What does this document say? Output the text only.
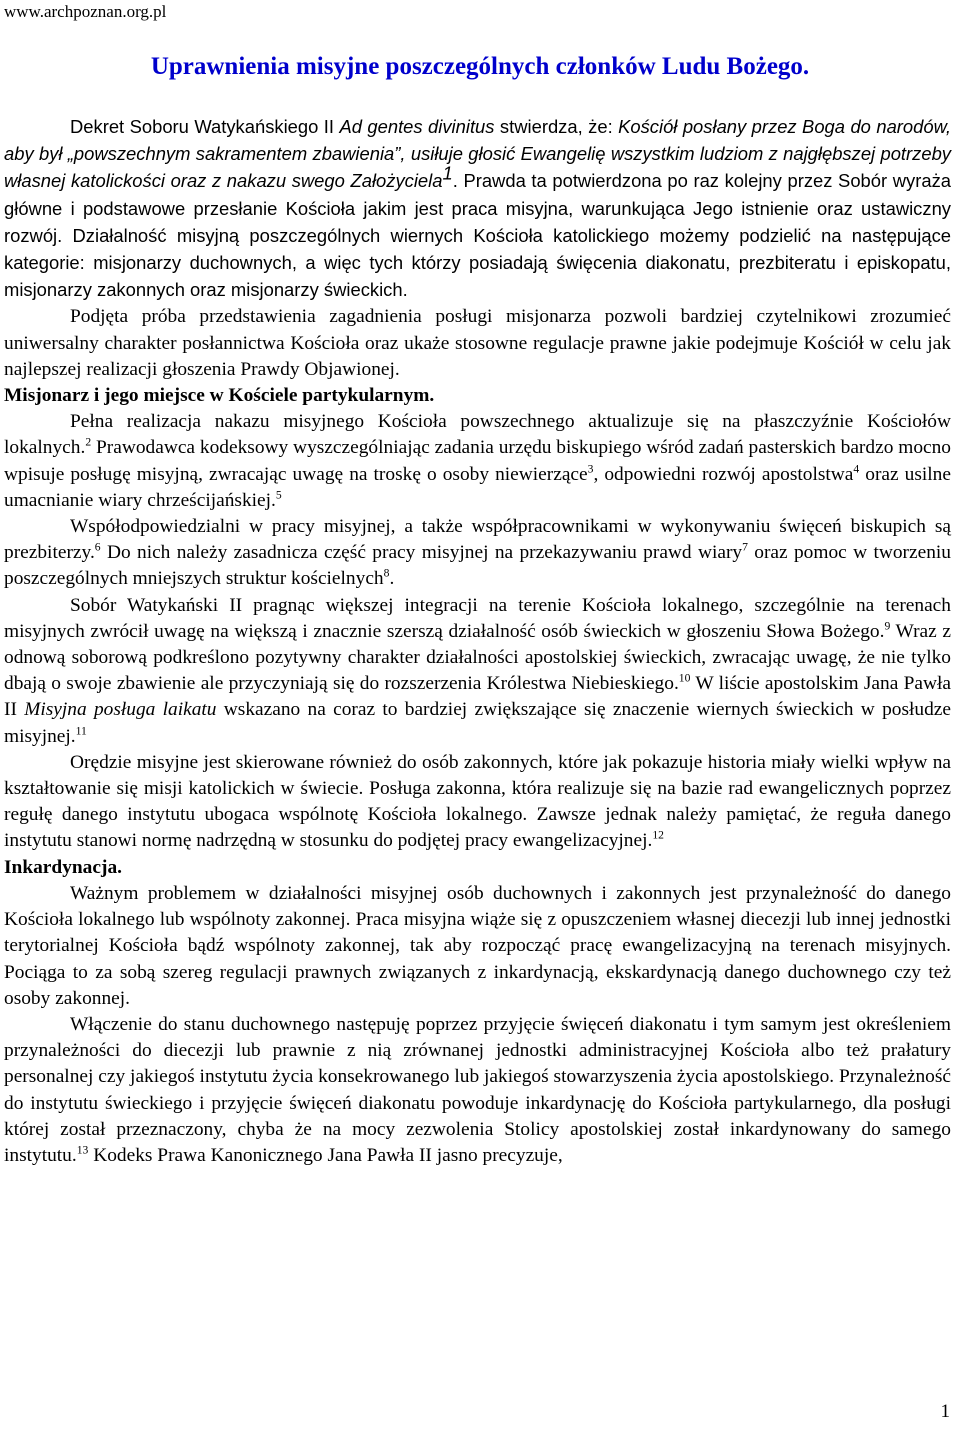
www.archpoznan.org.pl
Uprawnienia misyjne poszczególnych członków Ludu Bożego.

Dekret Soboru Watykańskiego II Ad gentes divinitus stwierdza, że: Kościół posłany przez Boga do narodów, aby był „powszechnym sakramentem zbawienia”, usiłuje głosić Ewangelię wszystkim ludziom z najgłębszej potrzeby własnej katolickości oraz z nakazu swego Założyciela$^1$. Prawda ta potwierdzona po raz kolejny przez Sobór wyraża główne i podstawowe przesłanie Kościoła jakim jest praca misyjna, warunkująca Jego istnienie oraz ustawiczny rozwój. Działalność misyjną poszczególnych wiernych Kościoła katolickiego możemy podzielić na następujące kategorie: misjonarzy duchownych, a więc tych którzy posiadają święcenia diakonatu, prezbiteratu i episkopatu, misjonarzy zakonnych oraz misjonarzy świeckich.

Podjęta próba przedstawienia zagadnienia posługi misjonarza pozwoli bardziej czytelnikowi zrozumieć uniwersalny charakter posłannictwa Kościoła oraz ukaże stosowne regulacje prawne jakie podejmuje Kościół w celu jak najlepszej realizacji głoszenia Prawdy Objawionej.

Misjonarz i jego miejsce w Kościele partykularnym.

Pełna realizacja nakazu misyjnego Kościoła powszechnego aktualizuje się na płaszczyźnie Kościołów lokalnych.$^2$ Prawodawca kodeksowy wyszczególniając zadania urzędu biskupiego wśród zadań pasterskich bardzo mocno wpisuje posługę misyjną, zwracając uwagę na troskę o osoby niewierzące$^3$, odpowiedni rozwój apostolstwa$^4$ oraz usilne umacnianie wiary chrześcijańskiej.$^5$

Współodpowiedzialni w pracy misyjnej, a także współpracownikami w wykonywaniu święceń biskupich są prezbiterzy.$^6$ Do nich należy zasadnicza część pracy misyjnej na przekazywaniu prawd wiary$^7$ oraz pomoc w tworzeniu poszczególnych mniejszych struktur kościelnych$^8$.

Sobór Watykański II pragnąc większej integracji na terenie Kościoła lokalnego, szczególnie na terenach misyjnych zwrócił uwagę na większą i znacznie szerszą działalność osób świeckich w głoszeniu Słowa Bożego.$^9$ Wraz z odnową soborową podkreślono pozytywny charakter działalności apostolskiej świeckich, zwracając uwagę, że nie tylko dbają o swoje zbawienie ale przyczyniają się do rozszerzenia Królestwa Niebieskiego.$^{10}$ W liście apostolskim Jana Pawła II Misyjna posługa laikatu wskazano na coraz to bardziej zwiększające się znaczenie wiernych świeckich w posłudze misyjnej.$^{11}$

Orędzie misyjne jest skierowane również do osób zakonnych, które jak pokazuje historia miały wielki wpływ na kształtowanie się misji katolickich w świecie. Posługa zakonna, która realizuje się na bazie rad ewangelicznych poprzez regułę danego instytutu ubogaca wspólnotę Kościoła lokalnego. Zawsze jednak należy pamiętać, że reguła danego instytutu stanowi normę nadrzędną w stosunku do podjętej pracy ewangelizacyjnej.$^{12}$

Inkardynacja.

Ważnym problemem w działalności misyjnej osób duchownych i zakonnych jest przynależność do danego Kościoła lokalnego lub wspólnoty zakonnej. Praca misyjna wiąże się z opuszczeniem własnej diecezji lub innej jednostki terytorialnej Kościoła bądź wspólnoty zakonnej, tak aby rozpocząć pracę ewangelizacyjną na terenach misyjnych. Pociąga to za sobą szereg regulacji prawnych związanych z inkardynacją, ekskardynacją danego duchownego czy też osoby zakonnej.

Włączenie do stanu duchownego następuję poprzez przyjęcie święceń diakonatu i tym samym jest określeniem przynależności do diecezji lub prawnie z nią zrównanej jednostki administracyjnej Kościoła albo też prałatury personalnej czy jakiegoś instytutu życia konsekrowanego lub jakiegoś stowarzyszenia życia apostolskiego. Przynależność do instytutu świeckiego i przyjęcie święceń diakonatu powoduje inkardynację do Kościoła partykularnego, dla posługi której został przeznaczony, chyba że na mocy zezwolenia Stolicy apostolskiej został inkardynowany do samego instytutu.$^{13}$ Kodeks Prawa Kanonicznego Jana Pawła II jasno precyzuje,

1
